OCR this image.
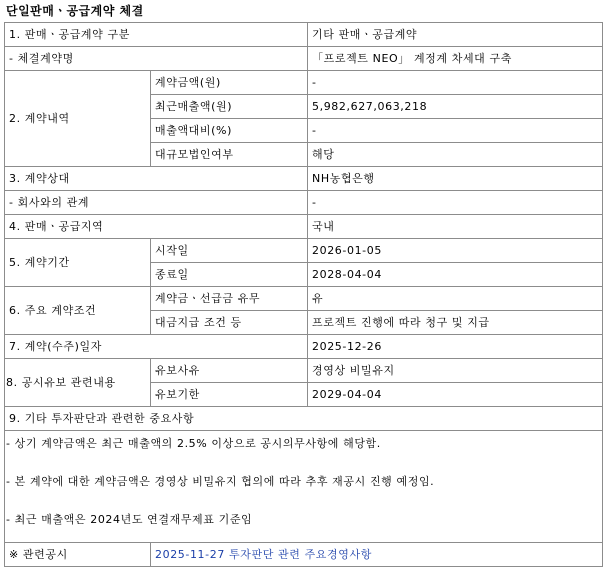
단일판매ㆍ공급계약 체결
1. 판매ㆍ공급계약 구분		기타 판매ㆍ공급계약
- 체결계약명		「프로젝트 NEO」 계정계 차세대 구축
2. 계약내역	계약금액(원)	-
	최근매출액(원)	5,982,627,063,218
	매출액대비(%)	-
	대규모법인여부	해당
3. 계약상대		NH농협은행
- 회사와의 관계		-
4. 판매ㆍ공급지역		국내
5. 계약기간	시작일	2026-01-05
	종료일	2028-04-04
6. 주요 계약조건	계약금ㆍ선급금 유무	유
	대금지급 조건 등	프로젝트 진행에 따라 청구 및 지급
7. 계약(수주)일자		2025-12-26
8. 공시유보 관련내용	유보사유	경영상 비밀유지
	유보기한	2029-04-04
9. 기타 투자판단과 관련한 중요사항		
- 상기 계약금액은 최근 매출액의 2.5% 이상으로 공시의무사항에 해당함.

- 본 계약에 대한 계약금액은 경영상 비밀유지 협의에 따라 추후 재공시 진행 예정임.

- 최근 매출액은 2024년도 연결재무제표 기준임		
※ 관련공시	2025-11-27 투자판단 관련 주요경영사항	
